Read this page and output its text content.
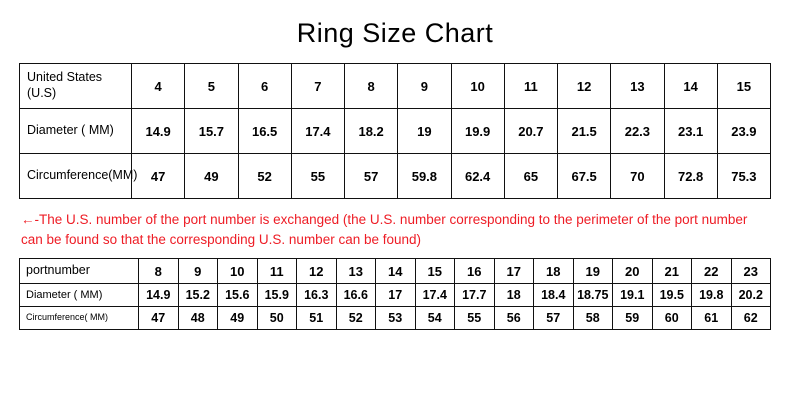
Ring Size Chart
United States (U.S)	4	5	6	7	8	9	10	11	12	13	14	15
Diameter ( MM)	14.9	15.7	16.5	17.4	18.2	19	19.9	20.7	21.5	22.3	23.1	23.9
Circumference(MM)	47	49	52	55	57	59.8	62.4	65	67.5	70	72.8	75.3
←-The U.S. number of the port number is exchanged (the U.S. number corresponding to the perimeter of the port number can be found so that the corresponding U.S. number can be found)
portnumber	8	9	10	11	12	13	14	15	16	17	18	19	20	21	22	23
Diameter ( MM)	14.9	15.2	15.6	15.9	16.3	16.6	17	17.4	17.7	18	18.4	18.75	19.1	19.5	19.8	20.2
Circumference( MM)	47	48	49	50	51	52	53	54	55	56	57	58	59	60	61	62
